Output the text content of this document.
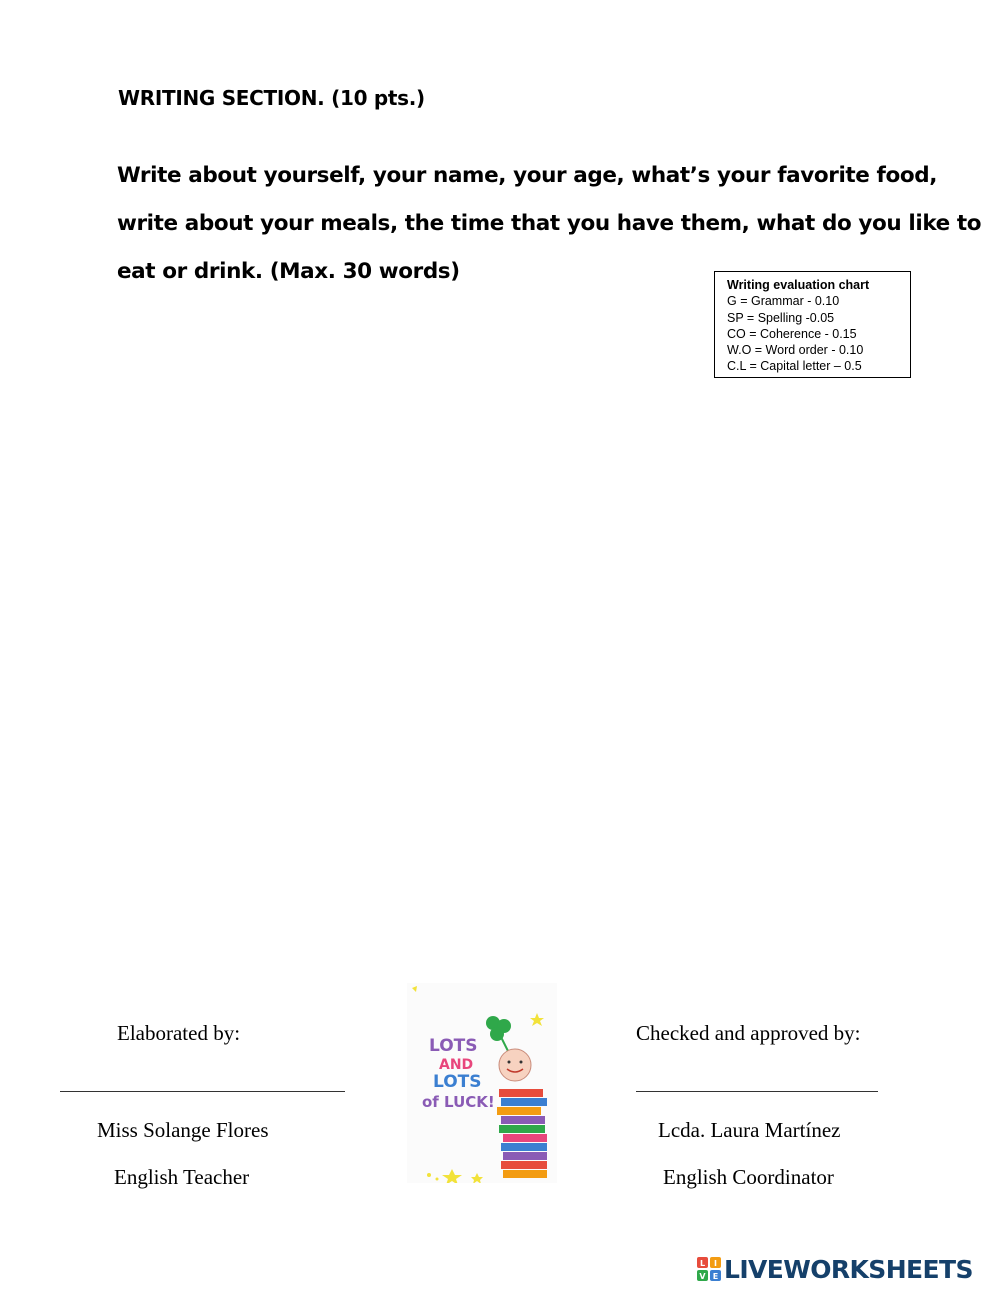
WRITING SECTION. (10 pts.)
Write about yourself, your name, your age, what’s your favorite food,
write about your meals, the time that you have them, what do you like to
eat or drink. (Max. 30 words)
Writing evaluation chart
G = Grammar - 0.10
SP = Spelling -0.05
CO = Coherence - 0.15
W.O = Word order - 0.10
C.L = Capital letter – 0.5
Elaborated by:
Miss Solange Flores
English Teacher
Checked and approved by:
Lcda. Laura Martínez
English Coordinator
LOTS
AND
LOTS
of LUCK!
L I
V E LIVEWORKSHEETS
